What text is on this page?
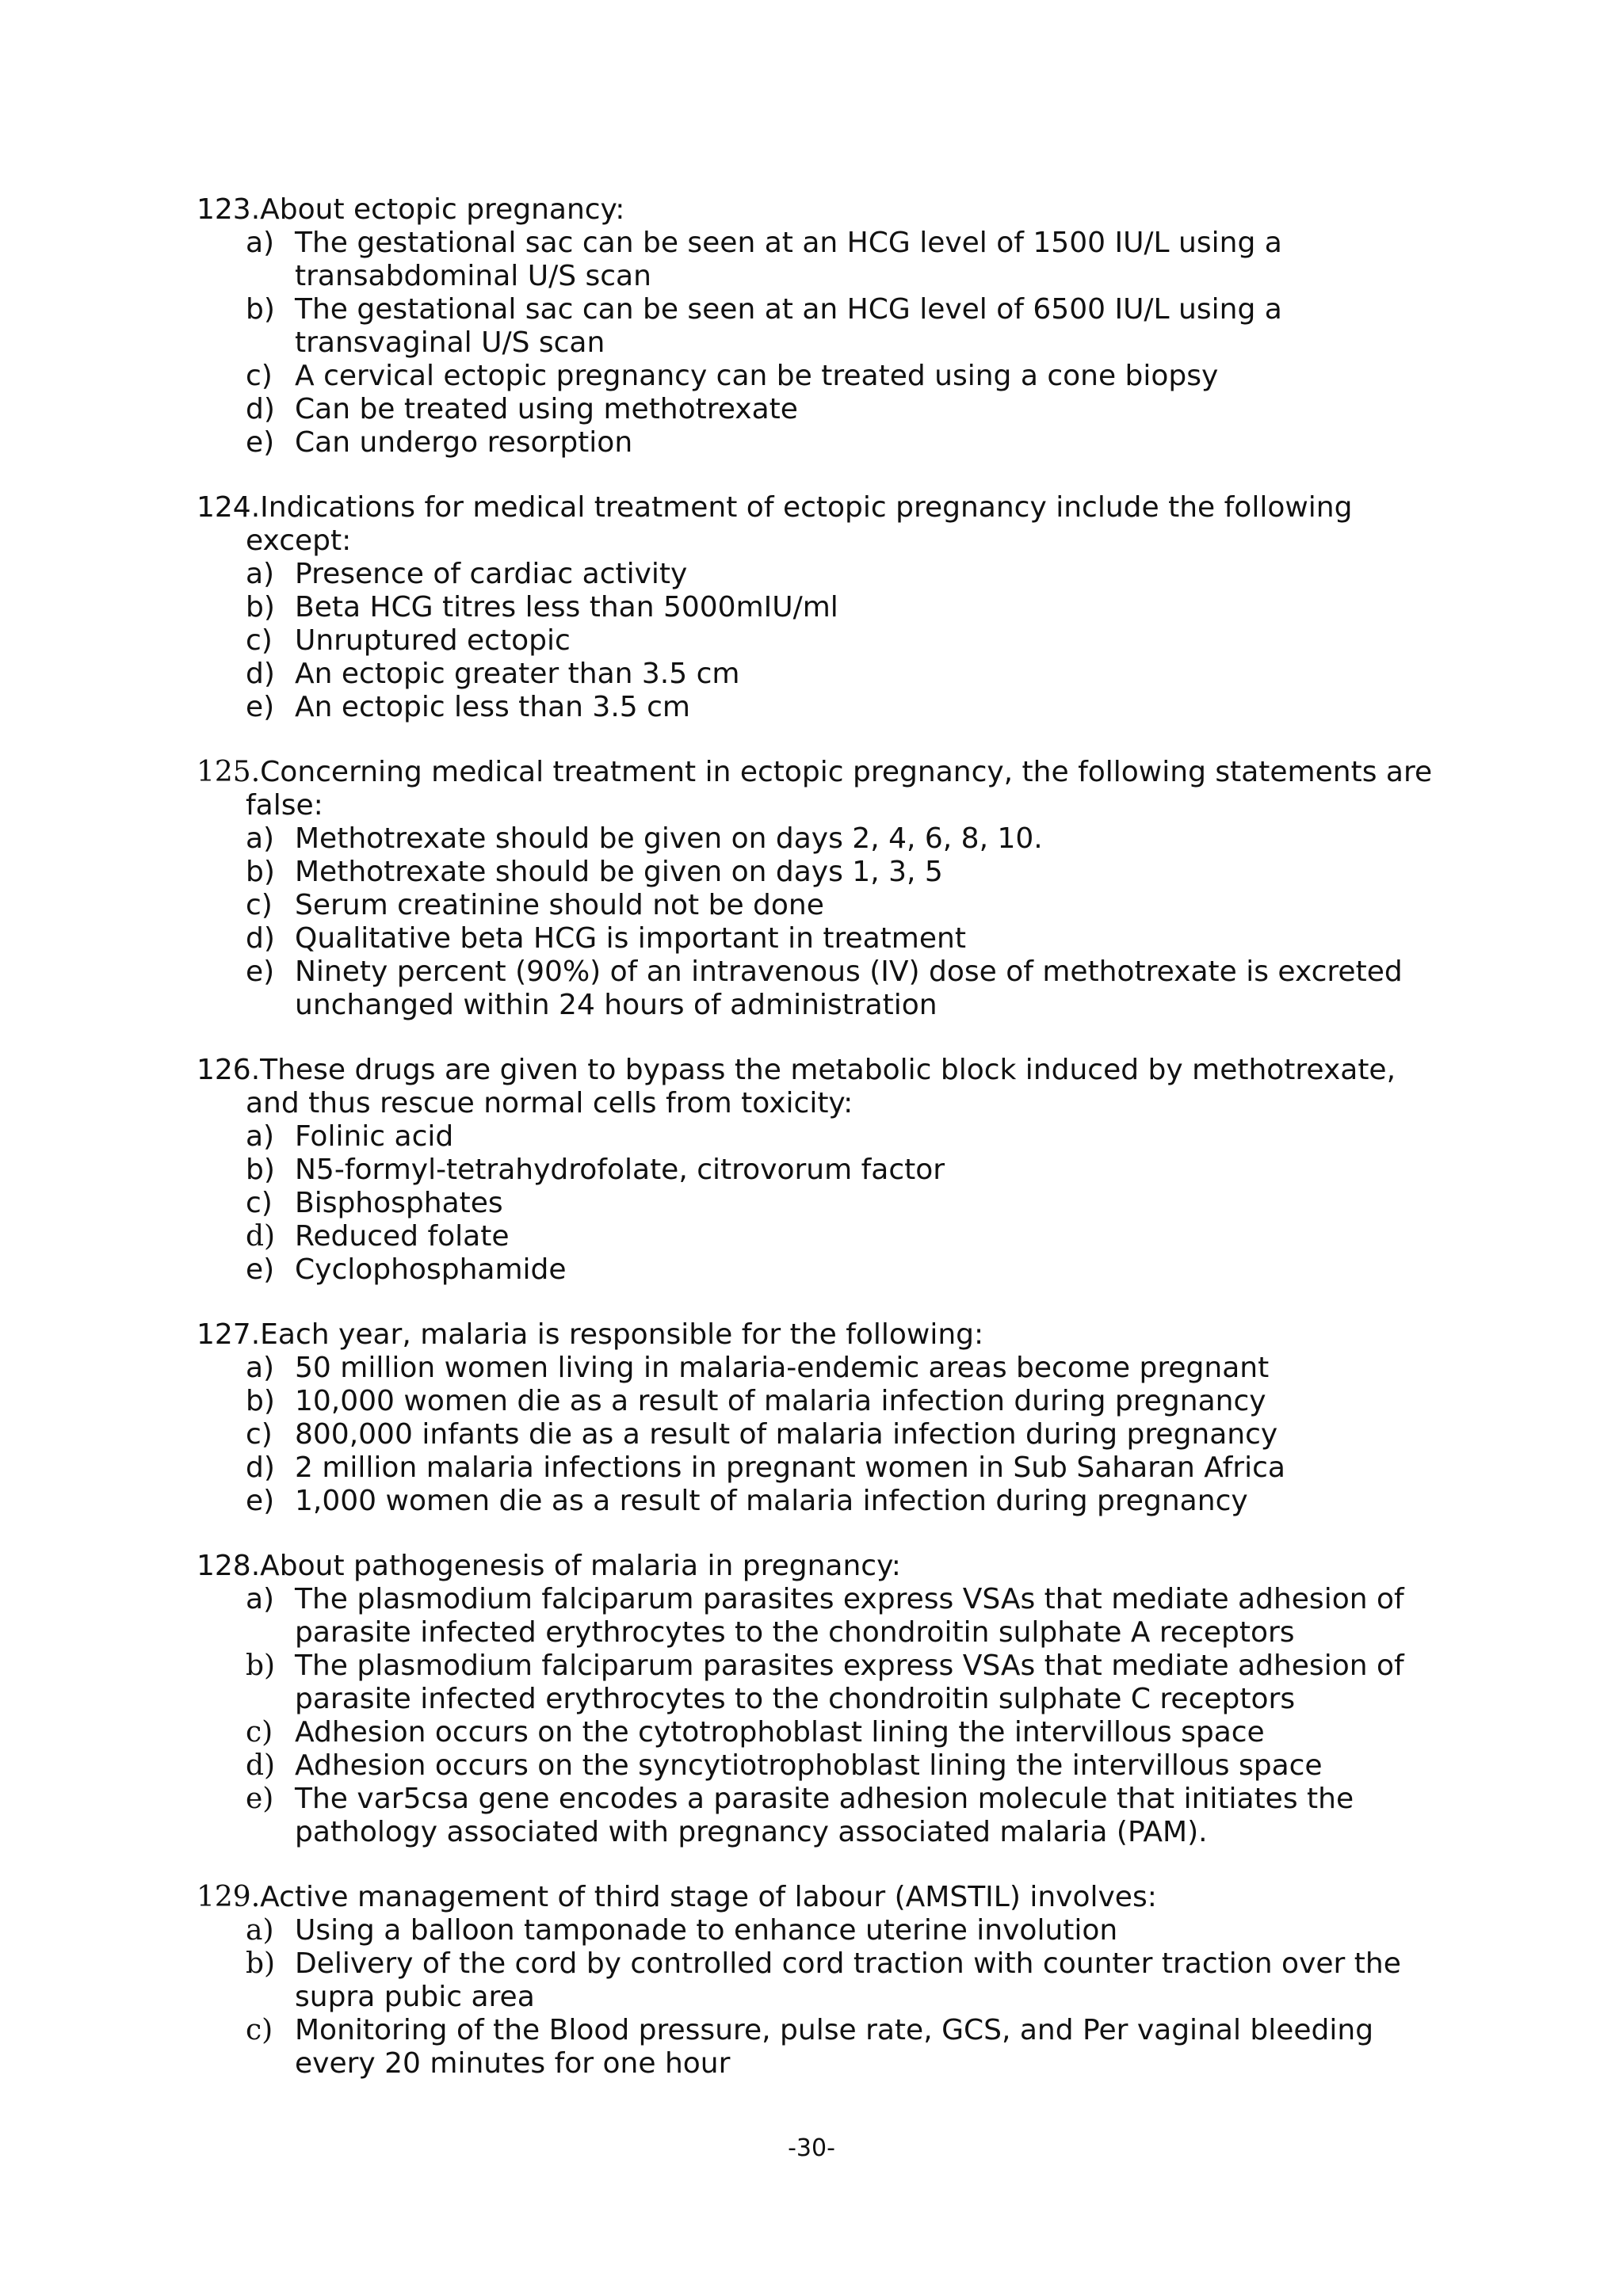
123.About ectopic pregnancy:

a) The gestational sac can be seen at an HCG level of 1500 IU/L using a transabdominal U/S scan
b) The gestational sac can be seen at an HCG level of 6500 IU/L using a transvaginal U/S scan
c) A cervical ectopic pregnancy can be treated using a cone biopsy
d) Can be treated using methotrexate
e) Can undergo resorption

124.Indications for medical treatment of ectopic pregnancy include the following except:

a) Presence of cardiac activity
b) Beta HCG titres less than 5000mIU/ml
c) Unruptured ectopic
d) An ectopic greater than 3.5 cm
e) An ectopic less than 3.5 cm

125.Concerning medical treatment in ectopic pregnancy, the following statements are false:

a) Methotrexate should be given on days 2, 4, 6, 8, 10.
b) Methotrexate should be given on days 1, 3, 5
c) Serum creatinine should not be done
d) Qualitative beta HCG is important in treatment
e) Ninety percent (90%) of an intravenous (IV) dose of methotrexate is excreted unchanged within 24 hours of administration

126.These drugs are given to bypass the metabolic block induced by methotrexate, and thus rescue normal cells from toxicity:

a) Folinic acid
b) N5-formyl-tetrahydrofolate, citrovorum factor
c) Bisphosphates
d) Reduced folate
e) Cyclophosphamide

127.Each year, malaria is responsible for the following:

a) 50 million women living in malaria-endemic areas become pregnant
b) 10,000 women die as a result of malaria infection during pregnancy
c) 800,000 infants die as a result of malaria infection during pregnancy
d) 2 million malaria infections in pregnant women in Sub Saharan Africa
e) 1,000 women die as a result of malaria infection during pregnancy

128.About pathogenesis of malaria in pregnancy:

a) The plasmodium falciparum parasites express VSAs that mediate adhesion of parasite infected erythrocytes to the chondroitin sulphate A receptors
b) The plasmodium falciparum parasites express VSAs that mediate adhesion of parasite infected erythrocytes to the chondroitin sulphate C receptors
c) Adhesion occurs on the cytotrophoblast lining the intervillous space
d) Adhesion occurs on the syncytiotrophoblast lining the intervillous space
e) The var5csa gene encodes a parasite adhesion molecule that initiates the pathology associated with pregnancy associated malaria (PAM).

129.Active management of third stage of labour (AMSTIL) involves:

a) Using a balloon tamponade to enhance uterine involution
b) Delivery of the cord by controlled cord traction with counter traction over the supra pubic area
c) Monitoring of the Blood pressure, pulse rate, GCS, and Per vaginal bleeding every 20 minutes for one hour
-30-
